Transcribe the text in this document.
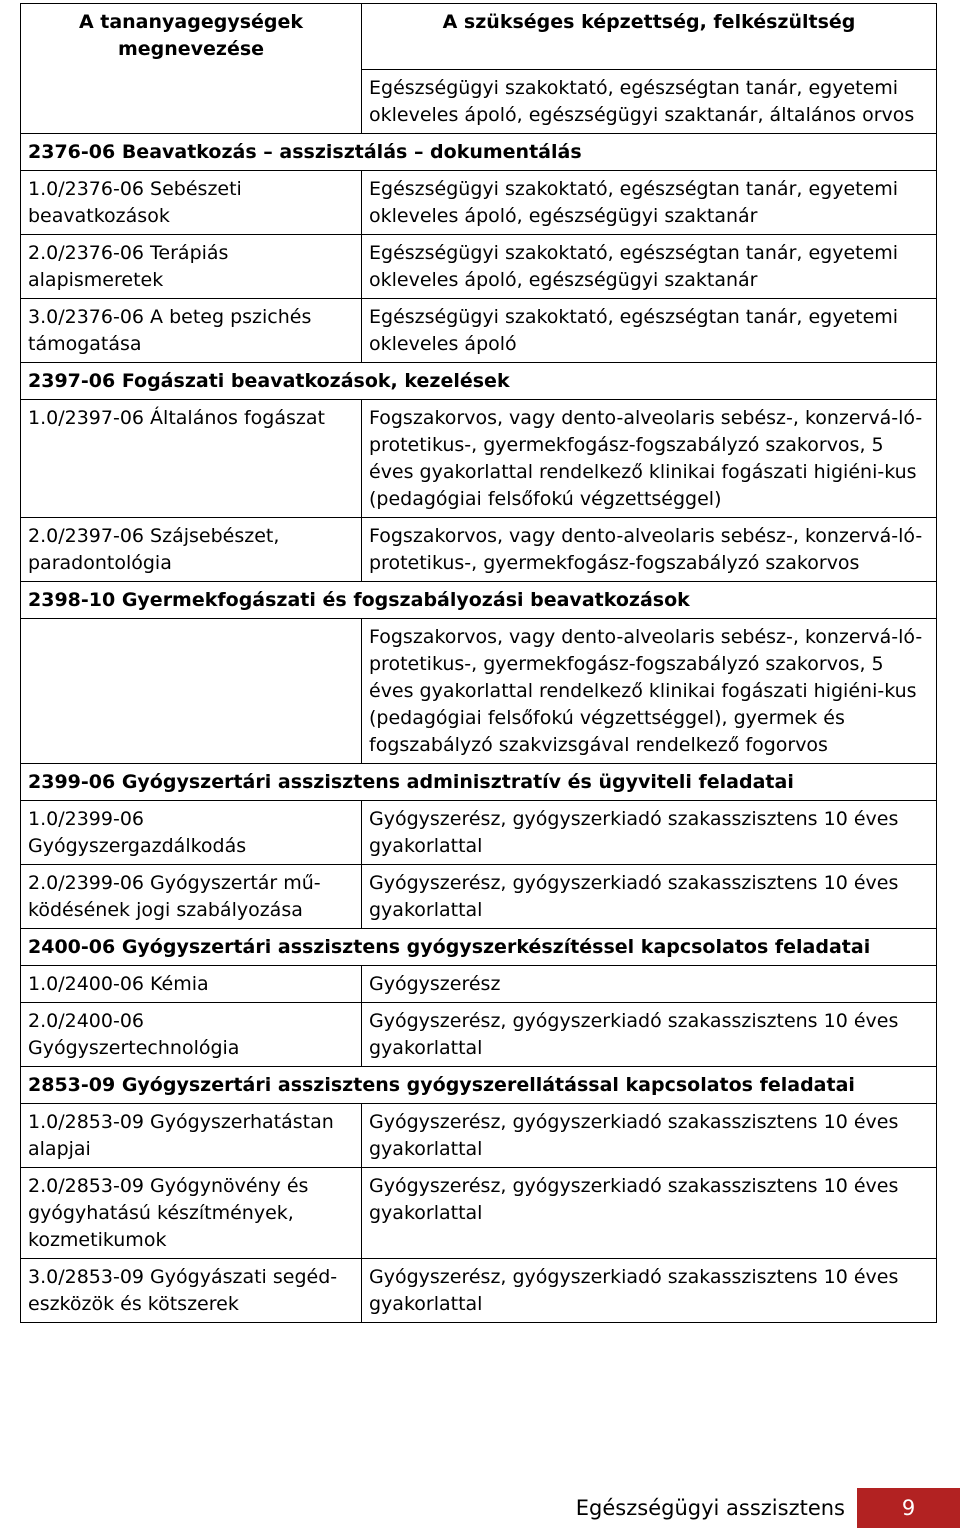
A tananyagegységek megnevezése	A szükséges képzettség, felkészültség
	Egészségügyi szakoktató, egészségtan tanár, egyetemi okleveles ápoló, egészségügyi szaktanár, általános orvos
2376-06 Beavatkozás – asszisztálás – dokumentálás	
1.0/2376-06 Sebészeti beavatkozások	Egészségügyi szakoktató, egészségtan tanár, egyetemi okleveles ápoló, egészségügyi szaktanár
2.0/2376-06 Terápiás alapismeretek	Egészségügyi szakoktató, egészségtan tanár, egyetemi okleveles ápoló, egészségügyi szaktanár
3.0/2376-06 A beteg pszichés támogatása	Egészségügyi szakoktató, egészségtan tanár, egyetemi okleveles ápoló
2397-06 Fogászati beavatkozások, kezelések	
1.0/2397-06 Általános fogászat	Fogszakorvos, vagy dento-alveolaris sebész-, konzervá-ló-protetikus-, gyermekfogász-fogszabályzó szakorvos, 5 éves gyakorlattal rendelkező klinikai fogászati higiéni-kus (pedagógiai felsőfokú végzettséggel)
2.0/2397-06 Szájsebészet, paradontológia	Fogszakorvos, vagy dento-alveolaris sebész-, konzervá-ló-protetikus-, gyermekfogász-fogszabályzó szakorvos
2398-10 Gyermekfogászati és fogszabályozási beavatkozások	
	Fogszakorvos, vagy dento-alveolaris sebész-, konzervá-ló-protetikus-, gyermekfogász-fogszabályzó szakorvos, 5 éves gyakorlattal rendelkező klinikai fogászati higiéni-kus (pedagógiai felsőfokú végzettséggel), gyermek és fogszabályzó szakvizsgával rendelkező fogorvos
2399-06 Gyógyszertári asszisztens adminisztratív és ügyviteli feladatai	
1.0/2399-06 Gyógyszergazdálkodás	Gyógyszerész, gyógyszerkiadó szakasszisztens 10 éves gyakorlattal
2.0/2399-06 Gyógyszertár mű-ködésének jogi szabályozása	Gyógyszerész, gyógyszerkiadó szakasszisztens 10 éves gyakorlattal
2400-06 Gyógyszertári asszisztens gyógyszerkészítéssel kapcsolatos feladatai	
1.0/2400-06 Kémia	Gyógyszerész
2.0/2400-06 Gyógyszertechnológia	Gyógyszerész, gyógyszerkiadó szakasszisztens 10 éves gyakorlattal
2853-09 Gyógyszertári asszisztens gyógyszerellátással kapcsolatos feladatai	
1.0/2853-09 Gyógyszerhatástan alapjai	Gyógyszerész, gyógyszerkiadó szakasszisztens 10 éves gyakorlattal
2.0/2853-09 Gyógynövény és gyógyhatású készítmények, kozmetikumok	Gyógyszerész, gyógyszerkiadó szakasszisztens 10 éves gyakorlattal
3.0/2853-09 Gyógyászati segéd-eszközök és kötszerek	Gyógyszerész, gyógyszerkiadó szakasszisztens 10 éves gyakorlattal
Egészségügyi asszisztens	9
